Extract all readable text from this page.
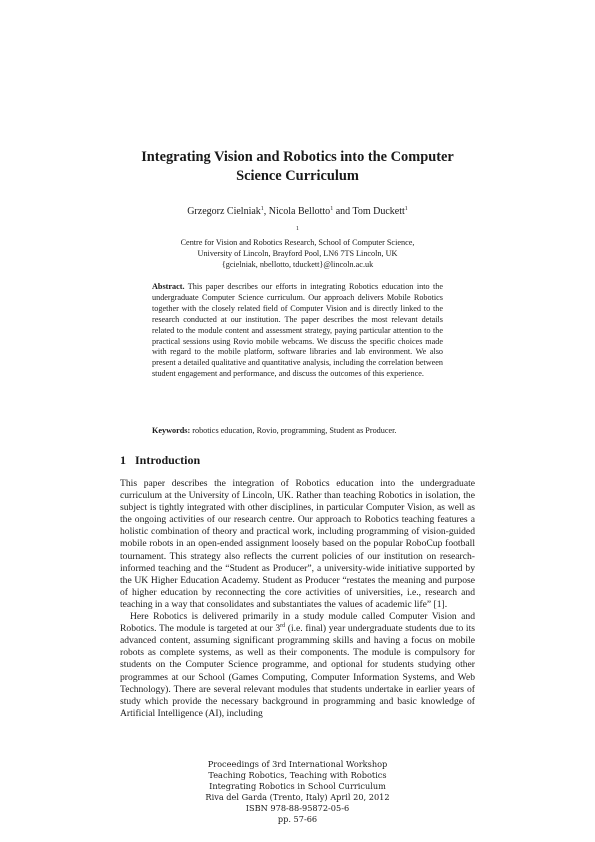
Integrating Vision and Robotics into the Computer
Science Curriculum
Grzegorz Cielniak$^1$, Nicola Bellotto$^1$ and Tom Duckett$^1$
$^1$
Centre for Vision and Robotics Research, School of Computer Science,
University of Lincoln, Brayford Pool, LN6 7TS Lincoln, UK
{gcielniak, nbellotto, tduckett}@lincoln.ac.uk

Abstract. This paper describes our efforts in integrating Robotics education into the undergraduate Computer Science curriculum. Our approach delivers Mobile Robotics together with the closely related field of Computer Vision and is directly linked to the research conducted at our institution. The paper describes the most relevant details related to the module content and assessment strategy, paying particular attention to the practical sessions using Rovio mobile webcams. We discuss the specific choices made with regard to the mobile platform, software libraries and lab environment. We also present a detailed qualitative and quantitative analysis, including the correlation between student engagement and performance, and discuss the outcomes of this experience.

Keywords: robotics education, Rovio, programming, Student as Producer.

1 Introduction

This paper describes the integration of Robotics education into the undergraduate curriculum at the University of Lincoln, UK. Rather than teaching Robotics in isolation, the subject is tightly integrated with other disciplines, in particular Computer Vision, as well as the ongoing activities of our research centre. Our approach to Robotics teaching features a holistic combination of theory and practical work, including programming of vision-guided mobile robots in an open-ended assignment loosely based on the popular RoboCup football tournament. This strategy also reflects the current policies of our institution on research-informed teaching and the “Student as Producer”, a university-wide initiative supported by the UK Higher Education Academy. Student as Producer “restates the meaning and purpose of higher education by reconnecting the core activities of universities, i.e., research and teaching in a way that consolidates and substantiates the values of academic life” [1].

Here Robotics is delivered primarily in a study module called Computer Vision and Robotics. The module is targeted at our 3rd (i.e. final) year undergraduate students due to its advanced content, assuming significant programming skills and having a focus on mobile robots as complete systems, as well as their components. The module is compulsory for students on the Computer Science programme, and optional for students studying other programmes at our School (Games Computing, Computer Information Systems, and Web Technology). There are several relevant modules that students undertake in earlier years of study which provide the necessary background in programming and basic knowledge of Artificial Intelligence (AI), including

Proceedings of 3rd International Workshop
Teaching Robotics, Teaching with Robotics
Integrating Robotics in School Curriculum
Riva del Garda (Trento, Italy) April 20, 2012
ISBN 978-88-95872-05-6
pp. 57-66
